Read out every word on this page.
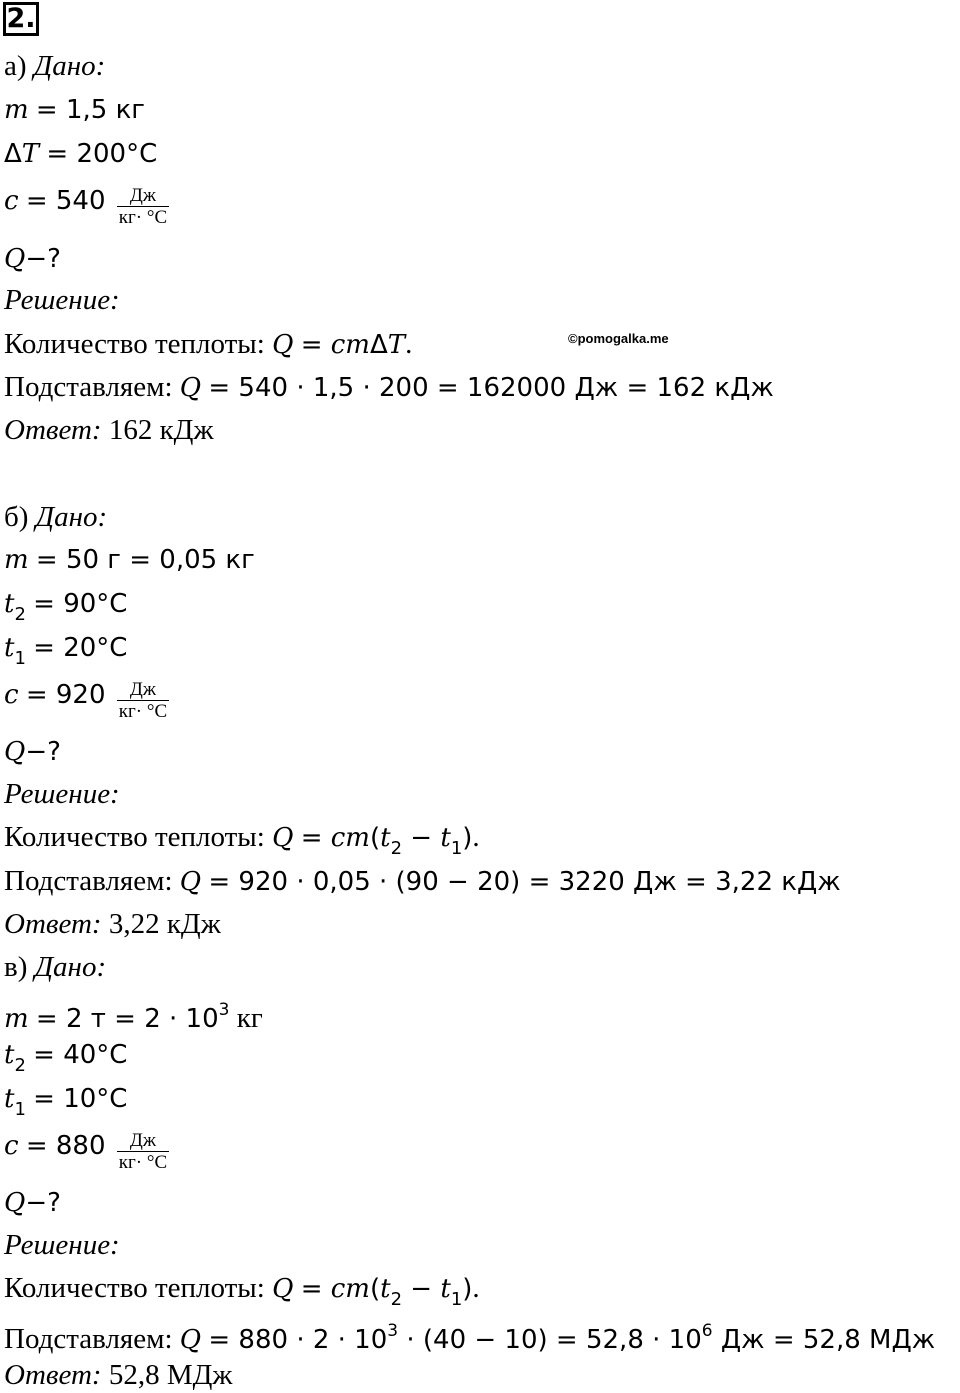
2.
©pomogalka.me
а) Дано:
m = 1,5 кг
ΔT = 200°С
$c = 540 \frac{Дж}{кг\cdot ^\circ С}$
Q−?
Решение:
Количество теплоты: Q = cmΔT.
Подставляем: Q = 540 · 1,5 · 200 = 162000 Дж = 162 кДж
Ответ: 162 кДж
б) Дано:
m = 50 г = 0,05 кг
$t_2 = 90^\circ С$
$t_1 = 20^\circ С$
$c = 920 \frac{Дж}{кг\cdot ^\circ С}$
Q−?
Решение:
Количество теплоты: $Q = cm(t_2 - t_1)$.
Подставляем: Q = 920 · 0,05 · (90 − 20) = 3220 Дж = 3,22 кДж
Ответ: 3,22 кДж
в) Дано:
m = 2 $т = 2 \cdot 10^3$ кг
$t_2 = 40^\circ С$
$t_1 = 10^\circ С$
$c = 880 \frac{Дж}{кг\cdot ^\circ С}$
Q−?
Решение:
Количество теплоты: $Q = cm(t_2 - t_1)$.
Подставляем: $Q = 880 \cdot 2 \cdot 10^3 \cdot (40 - 10) = 52,8 \cdot 10^6$ Дж = 52,8 МДж
Ответ: 52,8 МДж
